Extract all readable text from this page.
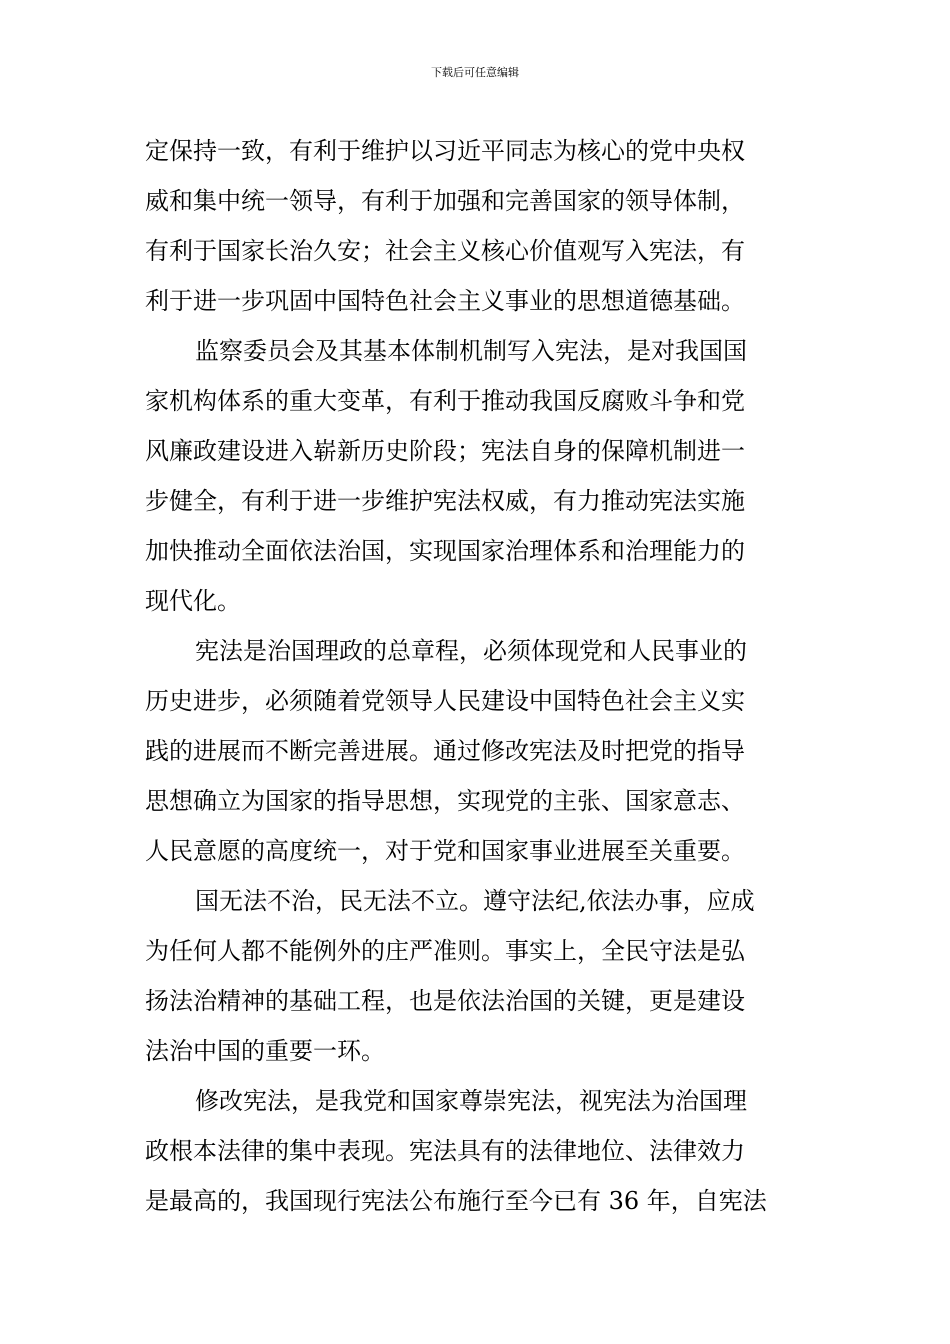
下载后可任意编辑
定保持一致，有利于维护以习近平同志为核心的党中央权
威和集中统一领导，有利于加强和完善国家的领导体制，
有利于国家长治久安；社会主义核心价值观写入宪法，有
利于进一步巩固中国特色社会主义事业的思想道德基础。
监察委员会及其基本体制机制写入宪法，是对我国国
家机构体系的重大变革，有利于推动我国反腐败斗争和党
风廉政建设进入崭新历史阶段；宪法自身的保障机制进一
步健全，有利于进一步维护宪法权威，有力推动宪法实施
加快推动全面依法治国，实现国家治理体系和治理能力的
现代化。
宪法是治国理政的总章程，必须体现党和人民事业的
历史进步，必须随着党领导人民建设中国特色社会主义实
践的进展而不断完善进展。通过修改宪法及时把党的指导
思想确立为国家的指导思想，实现党的主张、国家意志、
人民意愿的高度统一，对于党和国家事业进展至关重要。
国无法不治，民无法不立。遵守法纪,依法办事，应成
为任何人都不能例外的庄严准则。事实上，全民守法是弘
扬法治精神的基础工程，也是依法治国的关键，更是建设
法治中国的重要一环。
修改宪法，是我党和国家尊崇宪法，视宪法为治国理
政根本法律的集中表现。宪法具有的法律地位、法律效力
是最高的，我国现行宪法公布施行至今已有 36 年，自宪法
